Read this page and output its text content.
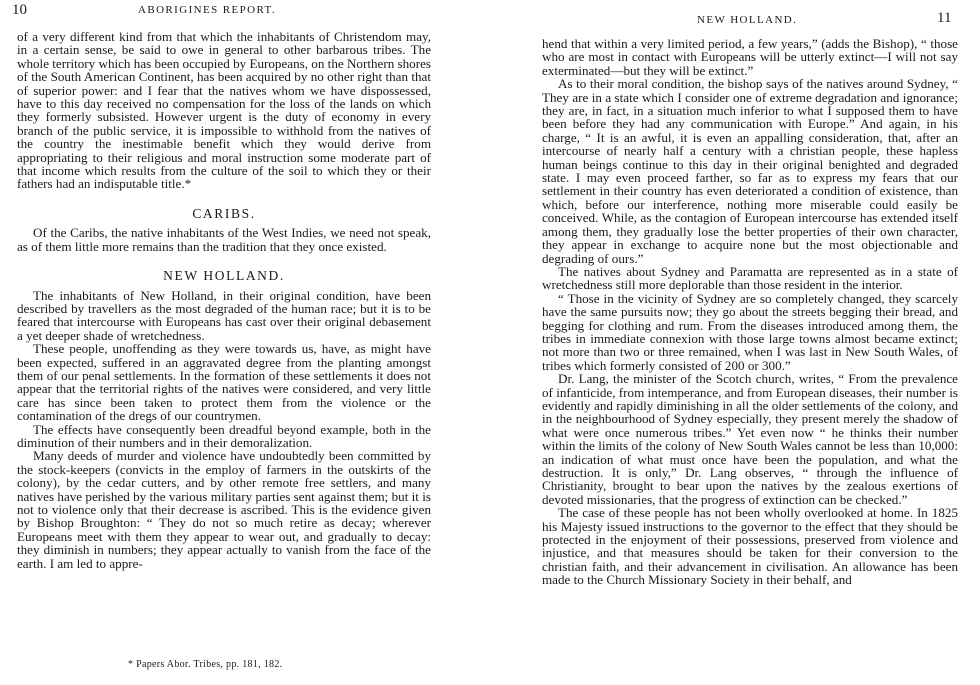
10	ABORIGINES REPORT.

of a very different kind from that which the inhabitants of Christendom may, in a certain sense, be said to owe in general to other barbarous tribes. The whole territory which has been occupied by Europeans, on the Northern shores of the South American Continent, has been acquired by no other right than that of superior power: and I fear that the natives whom we have dispossessed, have to this day received no compensation for the loss of the lands on which they formerly subsisted. However urgent is the duty of economy in every branch of the public service, it is impossible to withhold from the natives of the country the inestimable benefit which they would derive from appropriating to their religious and moral instruction some moderate part of that income which results from the culture of the soil to which they or their fathers had an indisputable title.*

CARIBS.

Of the Caribs, the native inhabitants of the West Indies, we need not speak, as of them little more remains than the tradition that they once existed.

NEW HOLLAND.

The inhabitants of New Holland, in their original condition, have been described by travellers as the most degraded of the human race; but it is to be feared that intercourse with Europeans has cast over their original debasement a yet deeper shade of wretchedness.

These people, unoffending as they were towards us, have, as might have been expected, suffered in an aggravated degree from the planting amongst them of our penal settlements. In the formation of these settlements it does not appear that the territorial rights of the natives were considered, and very little care has since been taken to protect them from the violence or the contamination of the dregs of our countrymen.

The effects have consequently been dreadful beyond example, both in the diminution of their numbers and in their demoralization.

Many deeds of murder and violence have undoubtedly been committed by the stock-keepers (convicts in the employ of farmers in the outskirts of the colony), by the cedar cutters, and by other remote free settlers, and many natives have perished by the various military parties sent against them; but it is not to violence only that their decrease is ascribed. This is the evidence given by Bishop Broughton: “ They do not so much retire as decay; wherever Europeans meet with them they appear to wear out, and gradually to decay: they diminish in numbers; they appear actually to vanish from the face of the earth. I am led to appre-

* Papers Abor. Tribes, pp. 181, 182.
NEW HOLLAND.	11

hend that within a very limited period, a few years,” (adds the Bishop), “ those who are most in contact with Europeans will be utterly extinct—I will not say exterminated—but they will be extinct.”

As to their moral condition, the bishop says of the natives around Sydney, “ They are in a state which I consider one of extreme degradation and ignorance; they are, in fact, in a situation much inferior to what I supposed them to have been before they had any communication with Europe.” And again, in his charge, “ It is an awful, it is even an appalling consideration, that, after an intercourse of nearly half a century with a christian people, these hapless human beings continue to this day in their original benighted and degraded state. I may even proceed farther, so far as to express my fears that our settlement in their country has even deteriorated a condition of existence, than which, before our interference, nothing more miserable could easily be conceived. While, as the contagion of European intercourse has extended itself among them, they gradually lose the better properties of their own character, they appear in exchange to acquire none but the most objectionable and degrading of ours.”

The natives about Sydney and Paramatta are represented as in a state of wretchedness still more deplorable than those resident in the interior.

“ Those in the vicinity of Sydney are so completely changed, they scarcely have the same pursuits now; they go about the streets begging their bread, and begging for clothing and rum. From the diseases introduced among them, the tribes in immediate connexion with those large towns almost became extinct; not more than two or three remained, when I was last in New South Wales, of tribes which formerly consisted of 200 or 300.”

Dr. Lang, the minister of the Scotch church, writes, “ From the prevalence of infanticide, from intemperance, and from European diseases, their number is evidently and rapidly diminishing in all the older settlements of the colony, and in the neighbourhood of Sydney especially, they present merely the shadow of what were once numerous tribes.” Yet even now “ he thinks their number within the limits of the colony of New South Wales cannot be less than 10,000: an indication of what must once have been the population, and what the destruction. It is only,” Dr. Lang observes, “ through the influence of Christianity, brought to bear upon the natives by the zealous exertions of devoted missionaries, that the progress of extinction can be checked.”

The case of these people has not been wholly overlooked at home. In 1825 his Majesty issued instructions to the governor to the effect that they should be protected in the enjoyment of their possessions, preserved from violence and injustice, and that measures should be taken for their conversion to the christian faith, and their advancement in civilisation. An allowance has been made to the Church Missionary Society in their behalf, and
